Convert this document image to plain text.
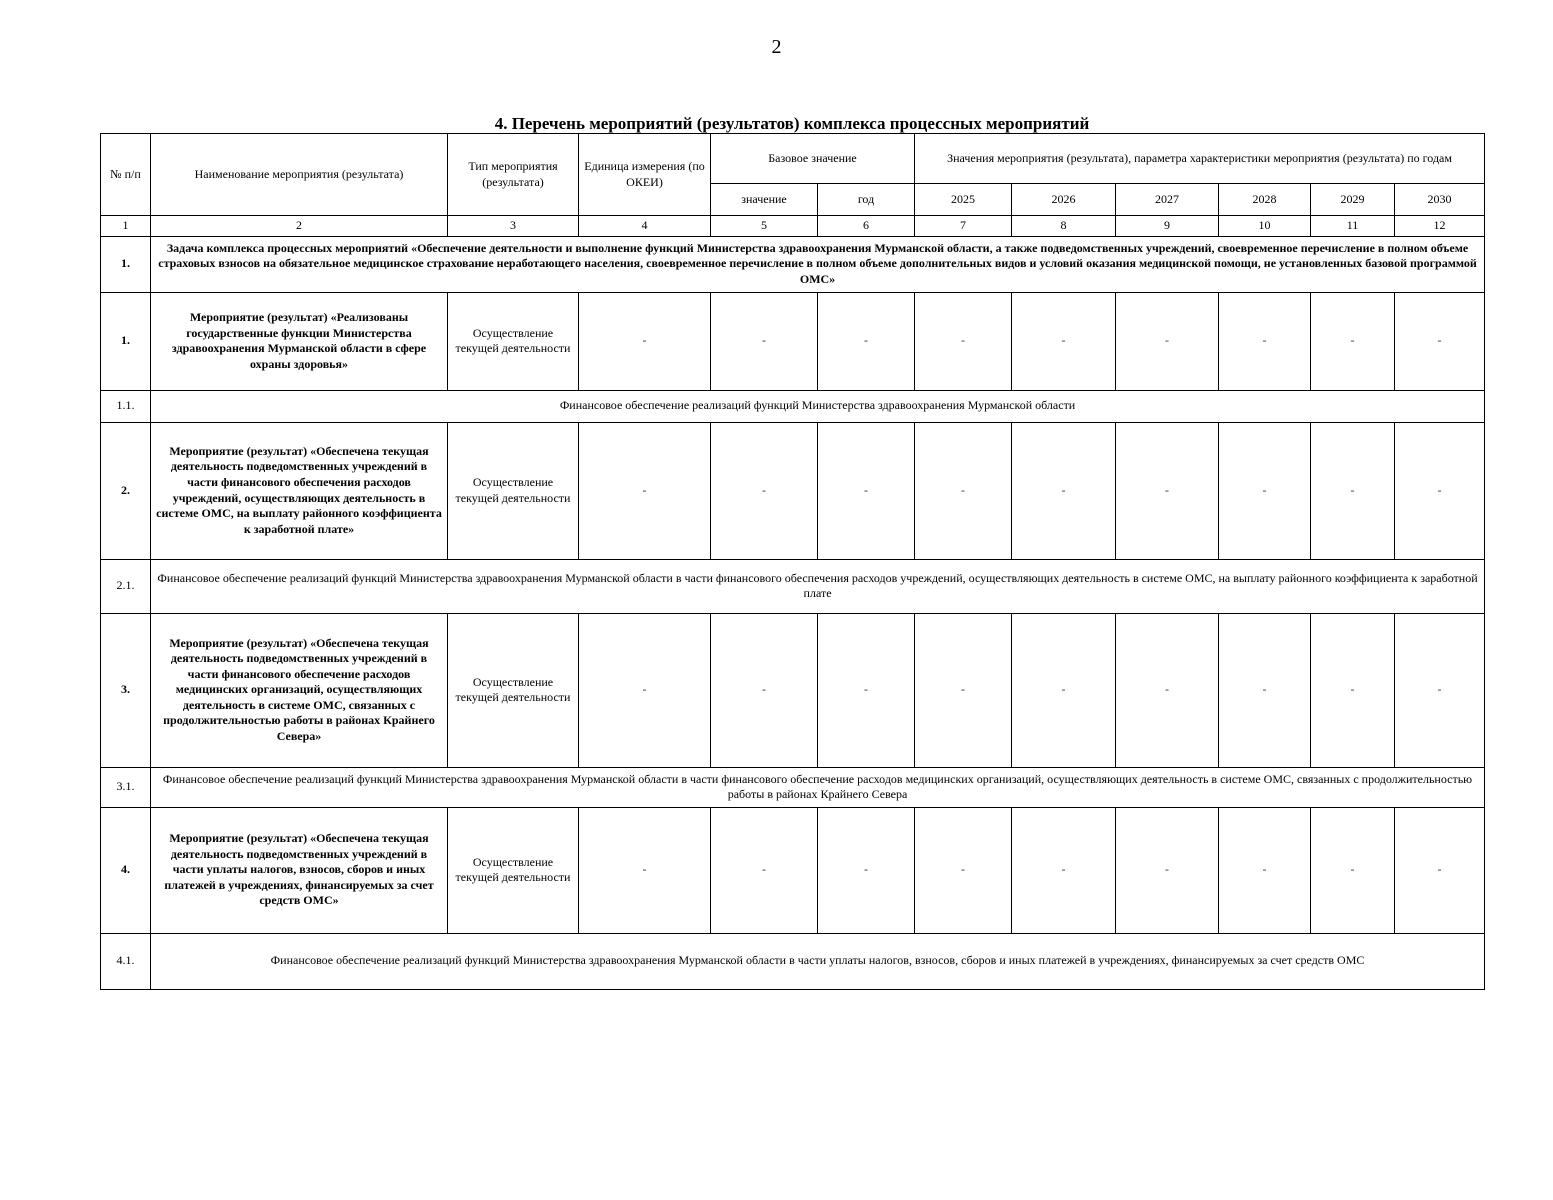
2
4. Перечень мероприятий (результатов) комплекса процессных мероприятий
№ п/п	Наименование мероприятия (результата)	Тип мероприятия (результата)	Единица измерения (по ОКЕИ)	Базовое значение		Значения мероприятия (результата), параметра характеристики мероприятия (результата) по годам					
				значение	год	2025	2026	2027	2028	2029	2030
1	2	3	4	5	6	7	8	9	10	11	12
1.	Задача комплекса процессных мероприятий «Обеспечение деятельности и выполнение функций Министерства здравоохранения Мурманской области, а также подведомственных учреждений, своевременное перечисление в полном объеме страховых взносов на обязательное медицинское страхование неработающего населения, своевременное перечисление в полном объеме дополнительных видов и условий оказания медицинской помощи, не установленных базовой программой ОМС»										
1.	Мероприятие (результат) «Реализованы государственные функции Министерства здравоохранения Мурманской области в сфере охраны здоровья»	Осуществление текущей деятельности	-	-	-	-	-	-	-	-	-
1.1.	Финансовое обеспечение реализаций функций Министерства здравоохранения Мурманской области										
2.	Мероприятие (результат) «Обеспечена текущая деятельность подведомственных учреждений в части финансового обеспечения расходов учреждений, осуществляющих деятельность в системе ОМС, на выплату районного коэффициента к заработной плате»	Осуществление текущей деятельности	-	-	-	-	-	-	-	-	-
2.1.	Финансовое обеспечение реализаций функций Министерства здравоохранения Мурманской области в части финансового обеспечения расходов учреждений, осуществляющих деятельность в системе ОМС, на выплату районного коэффициента к заработной плате										
3.	Мероприятие (результат) «Обеспечена текущая деятельность подведомственных учреждений в части финансового обеспечение расходов медицинских организаций, осуществляющих деятельность в системе ОМС, связанных с продолжительностью работы в районах Крайнего Севера»	Осуществление текущей деятельности	-	-	-	-	-	-	-	-	-
3.1.	Финансовое обеспечение реализаций функций Министерства здравоохранения Мурманской области в части финансового обеспечение расходов медицинских организаций, осуществляющих деятельность в системе ОМС, связанных с продолжительностью работы в районах Крайнего Севера										
4.	Мероприятие (результат) «Обеспечена текущая деятельность подведомственных учреждений в части уплаты налогов, взносов, сборов и иных платежей в учреждениях, финансируемых за счет средств ОМС»	Осуществление текущей деятельности	-	-	-	-	-	-	-	-	-
4.1.	Финансовое обеспечение реализаций функций Министерства здравоохранения Мурманской области в части уплаты налогов, взносов, сборов и иных платежей в учреждениях, финансируемых за счет средств ОМС										
